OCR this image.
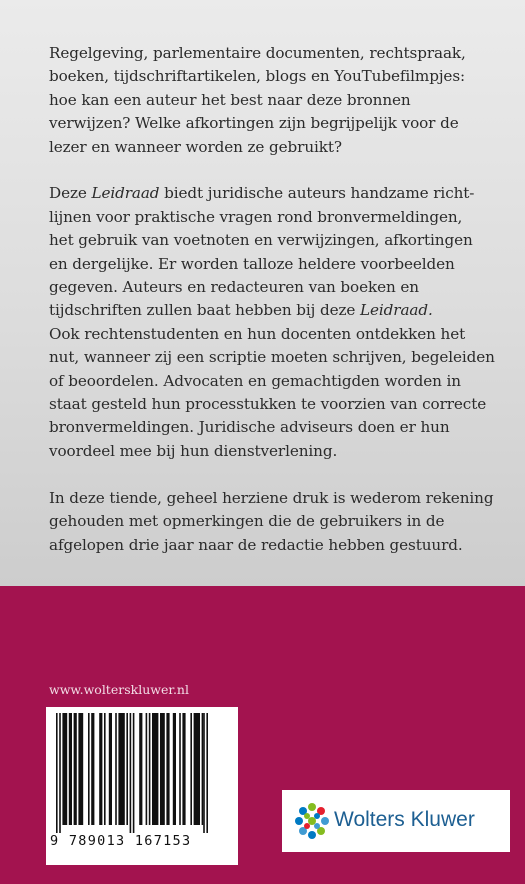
Regelgeving, parlementaire documenten, rechtspraak,
boeken, tijdschriftartikelen, blogs en YouTubefilmpjes:
hoe kan een auteur het best naar deze bronnen
verwijzen? Welke afkortingen zijn begrijpelijk voor de
lezer en wanneer worden ze gebruikt?

Deze Leidraad biedt juridische auteurs handzame richt-
lijnen voor praktische vragen rond bronvermeldingen,
het gebruik van voetnoten en verwijzingen, afkortingen
en dergelijke. Er worden talloze heldere voorbeelden
gegeven. Auteurs en redacteuren van boeken en
tijdschriften zullen baat hebben bij deze Leidraad.
Ook rechtenstudenten en hun docenten ontdekken het
nut, wanneer zij een scriptie moeten schrijven, begeleiden
of beoordelen. Advocaten en gemachtigden worden in
staat gesteld hun processtukken te voorzien van correcte
bronvermeldingen. Juridische adviseurs doen er hun
voordeel mee bij hun dienstverlening.

In deze tiende, geheel herziene druk is wederom rekening
gehouden met opmerkingen die de gebruikers in de
afgelopen drie jaar naar de redactie hebben gestuurd.

www.wolterskluwer.nl
9 789013 167153
Wolters Kluwer
